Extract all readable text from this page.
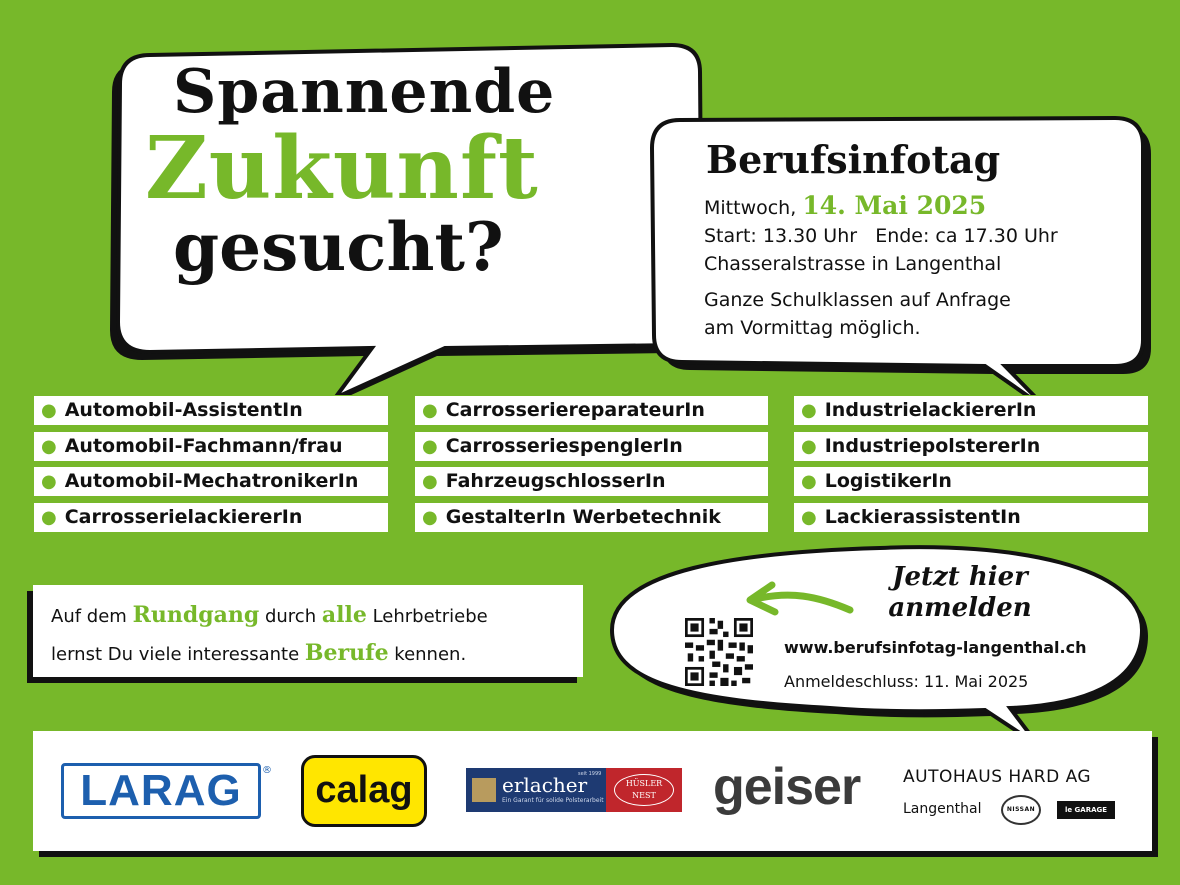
Spannende
Zukunft
gesucht?
Berufsinfotag
Mittwoch, 14. Mai 2025
Start: 13.30 Uhr Ende: ca 17.30 Uhr
Chasseralstrasse in Langenthal
Ganze Schulklassen auf Anfrage
am Vormittag möglich.
● Automobil-AssistentIn
● Automobil-Fachmann/frau
● Automobil-MechatronikerIn
● CarrosserielackiererIn
● CarrosseriereparateurIn
● CarrosseriespenglerIn
● FahrzeugschlosserIn
● GestalterIn Werbetechnik
● IndustrielackiererIn
● IndustriepolstererIn
● LogistikerIn
● LackierassistentIn
Auf dem Rundgang durch alle Lehrbetriebe
lernst Du viele interessante Berufe kennen.
Jetzt hier
anmelden
www.berufsinfotag-langenthal.ch
Anmeldeschluss: 11. Mai 2025
LARAG	®	calag	erlacher
seit 1999
Ein Garant für solide Polsterarbeit
HÜSLER
NEST	geiser	AUTOHAUS HARD AG
Langenthal	NISSAN	le GARAGE
